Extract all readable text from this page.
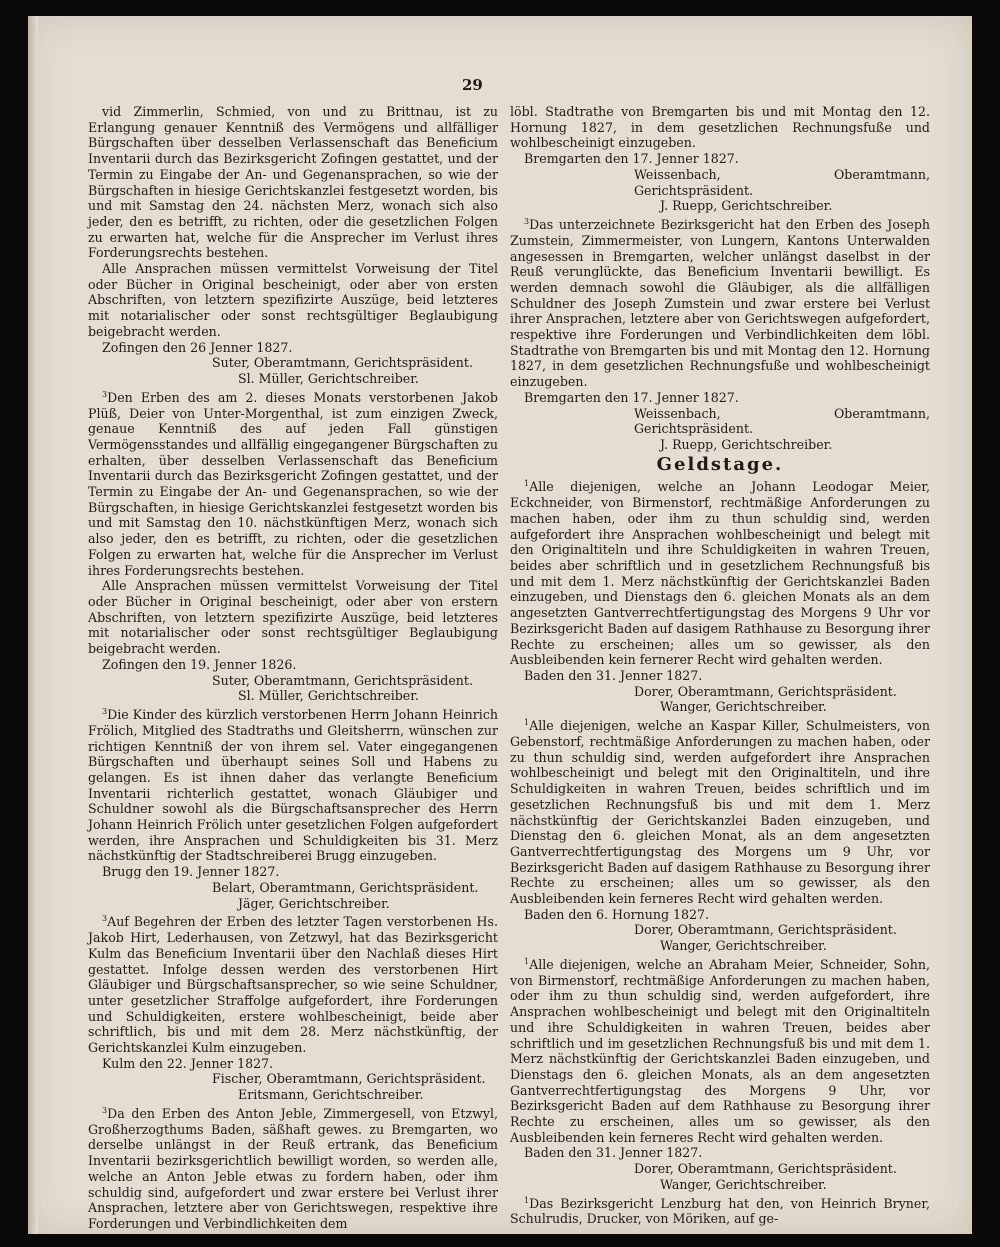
29

vid Zimmerlin, Schmied, von und zu Brittnau, ist zu Erlangung genauer Kenntniß des Vermögens und allfälliger Bürgschaften über desselben Verlassenschaft das Beneficium Inventarii durch das Bezirksgericht Zofingen gestattet, und der Termin zu Eingabe der An- und Gegenansprachen, so wie der Bürgschaften in hiesige Gerichtskanzlei festgesetzt worden, bis und mit Samstag den 24. nächsten Merz, wonach sich also jeder, den es betrifft, zu richten, oder die gesetzlichen Folgen zu erwarten hat, welche für die Ansprecher im Verlust ihres Forderungsrechts bestehen.

Alle Ansprachen müssen vermittelst Vorweisung der Titel oder Bücher in Original bescheinigt, oder aber von ersten Abschriften, von letztern spezifizirte Auszüge, beid letzteres mit notarialischer oder sonst rechtsgültiger Beglaubigung beigebracht werden.

Zofingen den 26 Jenner 1827.

Suter, Oberamtmann, Gerichtspräsident.

Sl. Müller, Gerichtschreiber.

$^3$Den Erben des am 2. dieses Monats verstorbenen Jakob Plüß, Deier von Unter-Morgenthal, ist zum einzigen Zweck, genaue Kenntniß des auf jeden Fall günstigen Vermögensstandes und allfällig eingegangener Bürgschaften zu erhalten, über desselben Verlassenschaft das Beneficium Inventarii durch das Bezirksgericht Zofingen gestattet, und der Termin zu Eingabe der An- und Gegenansprachen, so wie der Bürgschaften, in hiesige Gerichtskanzlei festgesetzt worden bis und mit Samstag den 10. nächstkünftigen Merz, wonach sich also jeder, den es betrifft, zu richten, oder die gesetzlichen Folgen zu erwarten hat, welche für die Ansprecher im Verlust ihres Forderungsrechts bestehen.

Alle Ansprachen müssen vermittelst Vorweisung der Titel oder Bücher in Original bescheinigt, oder aber von erstern Abschriften, von letztern spezifizirte Auszüge, beid letzteres mit notarialischer oder sonst rechtsgültiger Beglaubigung beigebracht werden.

Zofingen den 19. Jenner 1826.

Suter, Oberamtmann, Gerichtspräsident.

Sl. Müller, Gerichtschreiber.

$^3$Die Kinder des kürzlich verstorbenen Herrn Johann Heinrich Frölich, Mitglied des Stadtraths und Gleitsherrn, wünschen zur richtigen Kenntniß der von ihrem sel. Vater eingegangenen Bürgschaften und überhaupt seines Soll und Habens zu gelangen. Es ist ihnen daher das verlangte Beneficium Inventarii richterlich gestattet, wonach Gläubiger und Schuldner sowohl als die Bürgschaftsansprecher des Herrn Johann Heinrich Frölich unter gesetzlichen Folgen aufgefordert werden, ihre Ansprachen und Schuldigkeiten bis 31. Merz nächstkünftig der Stadtschreiberei Brugg einzugeben.

Brugg den 19. Jenner 1827.

Belart, Oberamtmann, Gerichtspräsident.

Jäger, Gerichtschreiber.

$^3$Auf Begehren der Erben des letzter Tagen verstorbenen Hs. Jakob Hirt, Lederhausen, von Zetzwyl, hat das Bezirksgericht Kulm das Beneficium Inventarii über den Nachlaß dieses Hirt gestattet. Infolge dessen werden des verstorbenen Hirt Gläubiger und Bürgschaftsansprecher, so wie seine Schuldner, unter gesetzlicher Straffolge aufgefordert, ihre Forderungen und Schuldigkeiten, erstere wohlbescheinigt, beide aber schriftlich, bis und mit dem 28. Merz nächstkünftig, der Gerichtskanzlei Kulm einzugeben.

Kulm den 22. Jenner 1827.

Fischer, Oberamtmann, Gerichtspräsident.

Eritsmann, Gerichtschreiber.

$^3$Da den Erben des Anton Jeble, Zimmergesell, von Etzwyl, Großherzogthums Baden, säßhaft gewes. zu Bremgarten, wo derselbe unlängst in der Reuß ertrank, das Beneficium Inventarii bezirksgerichtlich bewilligt worden, so werden alle, welche an Anton Jeble etwas zu fordern haben, oder ihm schuldig sind, aufgefordert und zwar erstere bei Verlust ihrer Ansprachen, letztere aber von Gerichtswegen, respektive ihre Forderungen und Verbindlichkeiten dem

löbl. Stadtrathe von Bremgarten bis und mit Montag den 12. Hornung 1827, in dem gesetzlichen Rechnungsfuße und wohlbescheinigt einzugeben.

Bremgarten den 17. Jenner 1827.

Weissenbach, Oberamtmann, Gerichtspräsident.

J. Ruepp, Gerichtschreiber.

$^3$Das unterzeichnete Bezirksgericht hat den Erben des Joseph Zumstein, Zimmermeister, von Lungern, Kantons Unterwalden angesessen in Bremgarten, welcher unlängst daselbst in der Reuß verunglückte, das Beneficium Inventarii bewilligt. Es werden demnach sowohl die Gläubiger, als die allfälligen Schuldner des Joseph Zumstein und zwar erstere bei Verlust ihrer Ansprachen, letztere aber von Gerichtswegen aufgefordert, respektive ihre Forderungen und Verbindlichkeiten dem löbl. Stadtrathe von Bremgarten bis und mit Montag den 12. Hornung 1827, in dem gesetzlichen Rechnungsfuße und wohlbescheinigt einzugeben.

Bremgarten den 17. Jenner 1827.

Weissenbach, Oberamtmann, Gerichtspräsident.

J. Ruepp, Gerichtschreiber.

Geldstage.

$^1$Alle diejenigen, welche an Johann Leodogar Meier, Eckchneider, von Birmenstorf, rechtmäßige Anforderungen zu machen haben, oder ihm zu thun schuldig sind, werden aufgefordert ihre Ansprachen wohlbescheinigt und belegt mit den Originaltiteln und ihre Schuldigkeiten in wahren Treuen, beides aber schriftlich und in gesetzlichem Rechnungsfuß bis und mit dem 1. Merz nächstkünftig der Gerichtskanzlei Baden einzugeben, und Dienstags den 6. gleichen Monats als an dem angesetzten Gantverrechtfertigungstag des Morgens 9 Uhr vor Bezirksgericht Baden auf dasigem Rathhause zu Besorgung ihrer Rechte zu erscheinen; alles um so gewisser, als den Ausbleibenden kein fernerer Recht wird gehalten werden.

Baden den 31. Jenner 1827.

Dorer, Oberamtmann, Gerichtspräsident.

Wanger, Gerichtschreiber.

$^1$Alle diejenigen, welche an Kaspar Killer, Schulmeisters, von Gebenstorf, rechtmäßige Anforderungen zu machen haben, oder zu thun schuldig sind, werden aufgefordert ihre Ansprachen wohlbescheinigt und belegt mit den Originaltiteln, und ihre Schuldigkeiten in wahren Treuen, beides schriftlich und im gesetzlichen Rechnungsfuß bis und mit dem 1. Merz nächstkünftig der Gerichtskanzlei Baden einzugeben, und Dienstag den 6. gleichen Monat, als an dem angesetzten Gantverrechtfertigungstag des Morgens um 9 Uhr, vor Bezirksgericht Baden auf dasigem Rathhause zu Besorgung ihrer Rechte zu erscheinen; alles um so gewisser, als den Ausbleibenden kein ferneres Recht wird gehalten werden.

Baden den 6. Hornung 1827.

Dorer, Oberamtmann, Gerichtspräsident.

Wanger, Gerichtschreiber.

$^1$Alle diejenigen, welche an Abraham Meier, Schneider, Sohn, von Birmenstorf, rechtmäßige Anforderungen zu machen haben, oder ihm zu thun schuldig sind, werden aufgefordert, ihre Ansprachen wohlbescheinigt und belegt mit den Originaltiteln und ihre Schuldigkeiten in wahren Treuen, beides aber schriftlich und im gesetzlichen Rechnungsfuß bis und mit dem 1. Merz nächstkünftig der Gerichtskanzlei Baden einzugeben, und Dienstags den 6. gleichen Monats, als an dem angesetzten Gantverrechtfertigungstag des Morgens 9 Uhr, vor Bezirksgericht Baden auf dem Rathhause zu Besorgung ihrer Rechte zu erscheinen, alles um so gewisser, als den Ausbleibenden kein ferneres Recht wird gehalten werden.

Baden den 31. Jenner 1827.

Dorer, Oberamtmann, Gerichtspräsident.

Wanger, Gerichtschreiber.

$^1$Das Bezirksgericht Lenzburg hat den, von Heinrich Bryner, Schulrudis, Drucker, von Möriken, auf ge-
